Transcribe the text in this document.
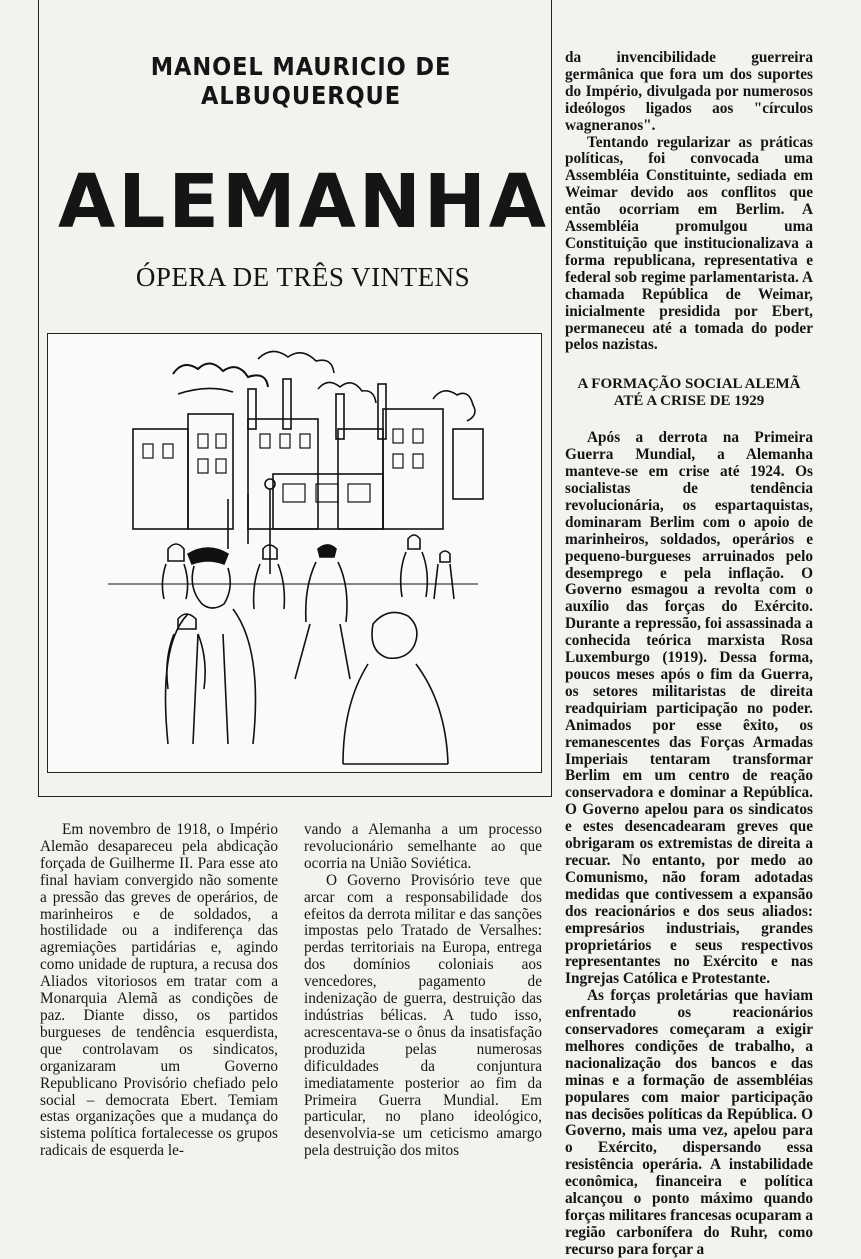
MANOEL MAURICIO DE ALBUQUERQUE
ALEMANHA
ÓPERA DE TRÊS VINTENS

da invencibilidade guerreira germânica que fora um dos suportes do Império, divulgada por numerosos ideólogos ligados aos "círculos wagneranos".

Tentando regularizar as práticas políticas, foi convocada uma Assembléia Constituinte, sediada em Weimar devido aos conflitos que então ocorriam em Berlim. A Assembléia promulgou uma Constituição que institucionalizava a forma republicana, representativa e federal sob regime parlamentarista. A chamada República de Weimar, inicialmente presidida por Ebert, permaneceu até a tomada do poder pelos nazistas.

A FORMAÇÃO SOCIAL ALEMÃ
ATÉ A CRISE DE 1929

Após a derrota na Primeira Guerra Mundial, a Alemanha manteve-se em crise até 1924. Os socialistas de tendência revolucionária, os espartaquistas, dominaram Berlim com o apoio de marinheiros, soldados, operários e pequeno-burgueses arruinados pelo desemprego e pela inflação. O Governo esmagou a revolta com o auxílio das forças do Exército. Durante a repressão, foi assassinada a conhecida teórica marxista Rosa Luxemburgo (1919). Dessa forma, poucos meses após o fim da Guerra, os setores militaristas de direita readquiriam participação no poder. Animados por esse êxito, os remanescentes das Forças Armadas Imperiais tentaram transformar Berlim em um centro de reação conservadora e dominar a República. O Governo apelou para os sindicatos e estes desencadearam greves que obrigaram os extremistas de direita a recuar. No entanto, por medo ao Comunismo, não foram adotadas medidas que contivessem a expansão dos reacionários e dos seus aliados: empresários industriais, grandes proprietários e seus respectivos representantes no Exército e nas Ingrejas Católica e Protestante.

As forças proletárias que haviam enfrentado os reacionários conservadores começaram a exigir melhores condições de trabalho, a nacionalização dos bancos e das minas e a formação de assembléias populares com maior participação nas decisões políticas da República. O Governo, mais uma vez, apelou para o Exército, dispersando essa resistência operária. A instabilidade econômica, financeira e política alcançou o ponto máximo quando forças militares francesas ocuparam a região carbonífera do Ruhr, como recurso para forçar a

Em novembro de 1918, o Império Alemão desapareceu pela abdicação forçada de Guilherme II. Para esse ato final haviam convergido não somente a pressão das greves de operários, de marinheiros e de soldados, a hostilidade ou a indiferença das agremiações partidárias e, agindo como unidade de ruptura, a recusa dos Aliados vitoriosos em tratar com a Monarquia Alemã as condições de paz. Diante disso, os partidos burgueses de tendência esquerdista, que controlavam os sindicatos, organizaram um Governo Republicano Provisório chefiado pelo social – democrata Ebert. Temiam estas organizações que a mudança do sistema política fortalecesse os grupos radicais de esquerda le-

vando a Alemanha a um processo revolucionário semelhante ao que ocorria na União Soviética.

O Governo Provisório teve que arcar com a responsabilidade dos efeitos da derrota militar e das sanções impostas pelo Tratado de Versalhes: perdas territoriais na Europa, entrega dos domínios coloniais aos vencedores, pagamento de indenização de guerra, destruição das indústrias bélicas. A tudo isso, acrescentava-se o ônus da insatisfação produzida pelas numerosas dificuldades da conjuntura imediatamente posterior ao fim da Primeira Guerra Mundial. Em particular, no plano ideológico, desenvolvia-se um ceticismo amargo pela destruição dos mitos
